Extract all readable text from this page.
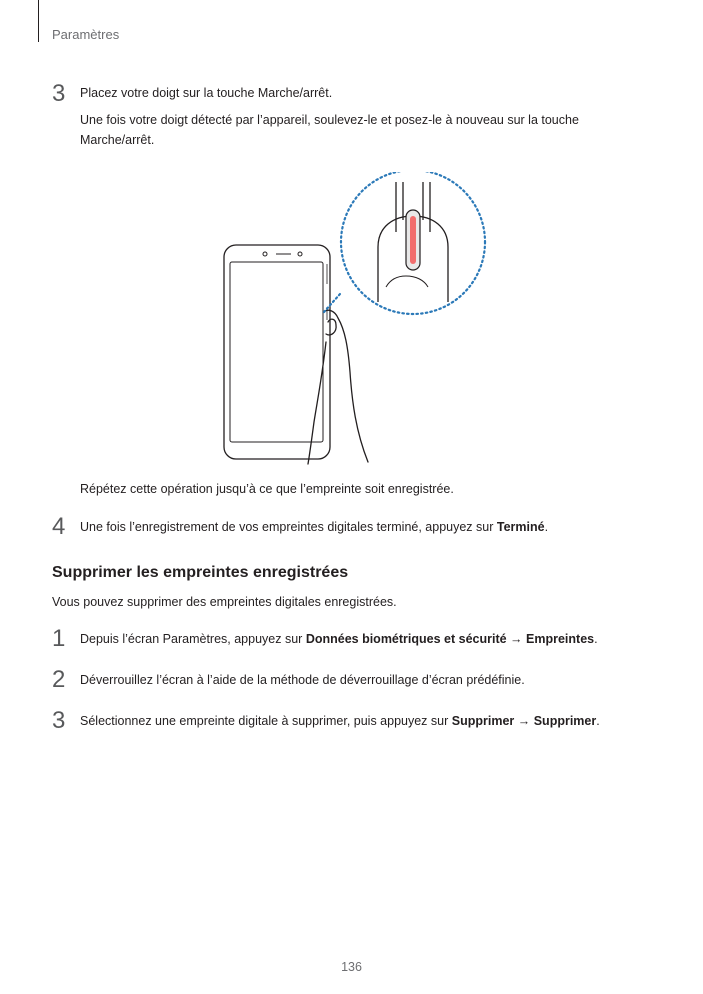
Paramètres
3 Placez votre doigt sur la touche Marche/arrêt.
Une fois votre doigt détecté par l’appareil, soulevez-le et posez-le à nouveau sur la touche
Marche/arrêt.
Répétez cette opération jusqu’à ce que l’empreinte soit enregistrée.
4 Une fois l’enregistrement de vos empreintes digitales terminé, appuyez sur Terminé.
Supprimer les empreintes enregistrées
Vous pouvez supprimer des empreintes digitales enregistrées.
1 Depuis l’écran Paramètres, appuyez sur Données biométriques et sécurité → Empreintes.
2 Déverrouillez l’écran à l’aide de la méthode de déverrouillage d’écran prédéfinie.
3 Sélectionnez une empreinte digitale à supprimer, puis appuyez sur Supprimer → Supprimer.
136
